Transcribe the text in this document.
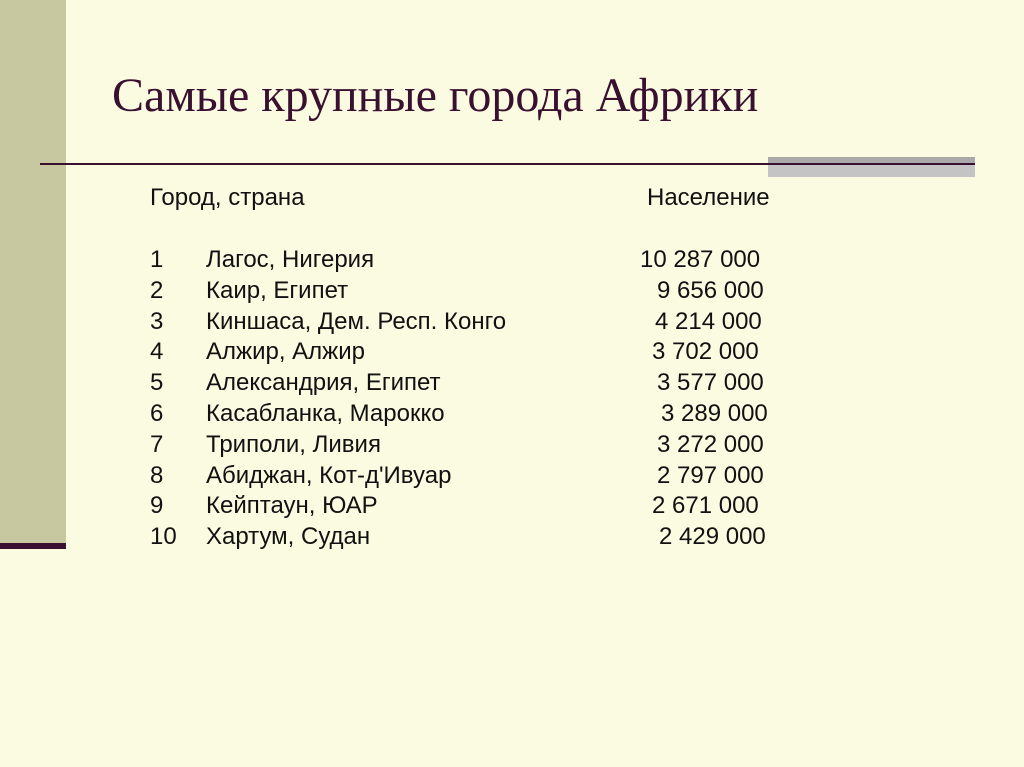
Самые крупные города Африки
Город, страна	Население
1 Лагос, Нигерия	10 287 000
2 Каир, Египет	9 656 000
3 Киншаса, Дем. Респ. Конго	4 214 000
4 Алжир, Алжир	3 702 000
5 Александрия, Египет	3 577 000
6 Касабланка, Марокко	3 289 000
7 Триполи, Ливия	3 272 000
8 Абиджан, Кот-д'Ивуар	2 797 000
9 Кейптаун, ЮАР	2 671 000
10 Хартум, Судан	2 429 000
